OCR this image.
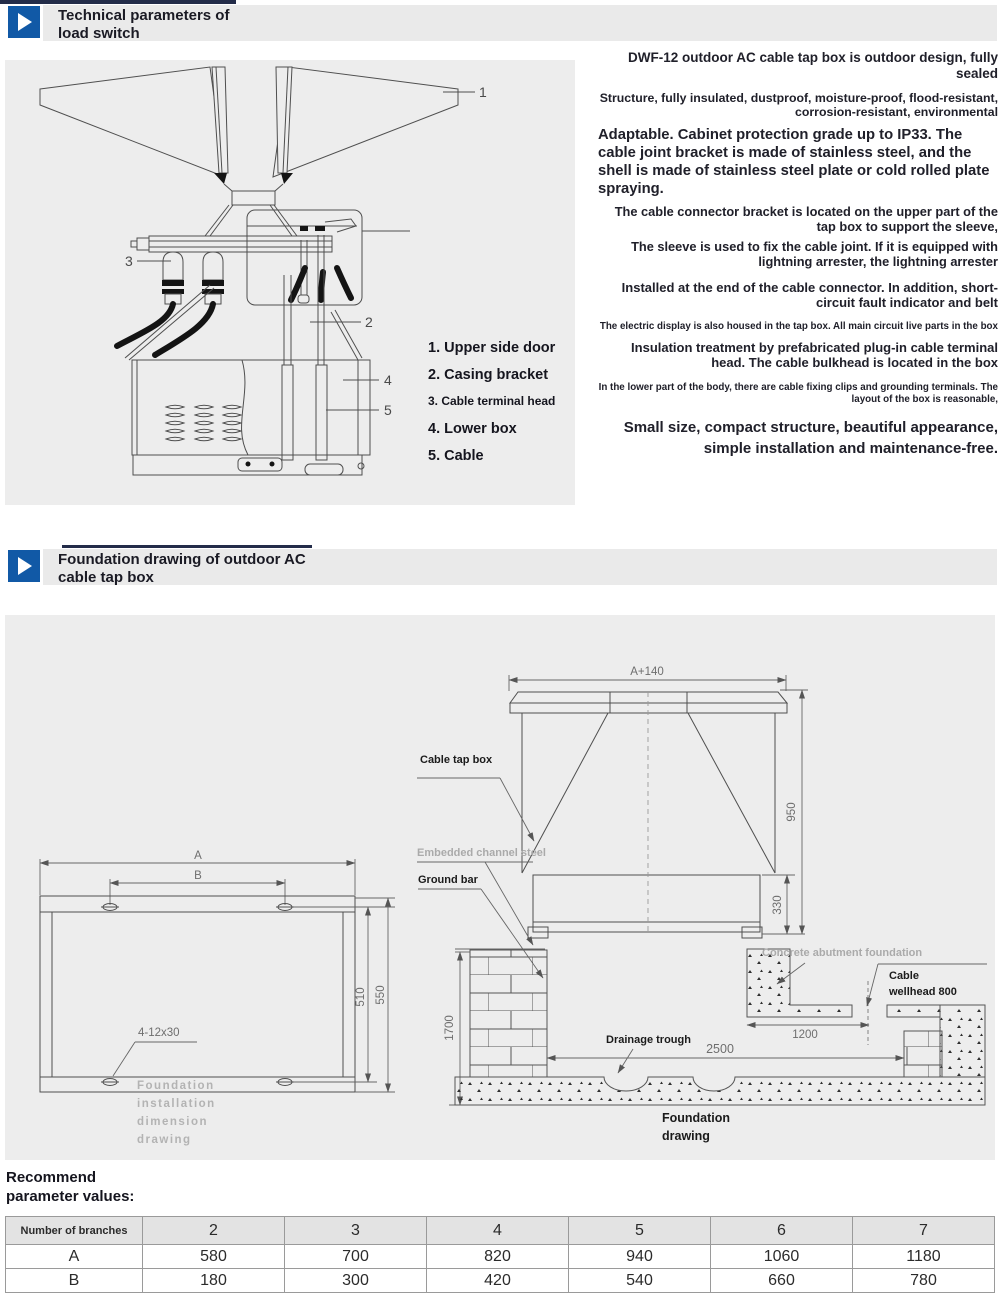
Technical parameters of
load switch
1
2
3
4
5

1. Upper side door

2. Casing bracket

3. Cable terminal head

4. Lower box

5. Cable

DWF-12 outdoor AC cable tap box is outdoor design, fully sealed

Structure, fully insulated, dustproof, moisture-proof, flood-resistant, corrosion-resistant, environmental

Adaptable. Cabinet protection grade up to IP33. The cable joint bracket is made of stainless steel, and the shell is made of stainless steel plate or cold rolled plate spraying.

The cable connector bracket is located on the upper part of the tap box to support the sleeve,

The sleeve is used to fix the cable joint. If it is equipped with lightning arrester, the lightning arrester

Installed at the end of the cable connector. In addition, short-circuit fault indicator and belt

The electric display is also housed in the tap box. All main circuit live parts in the box

Insulation treatment by prefabricated plug-in cable terminal head. The cable bulkhead is located in the box

In the lower part of the body, there are cable fixing clips and grounding terminals. The layout of the box is reasonable,

Small size, compact structure, beautiful appearance, simple installation and maintenance-free.

Foundation drawing of outdoor AC
cable tap box
A
B
510 550
4-12x30
Foundation
installation
dimension
drawing
A+140
330
950
Cable tap box
Embedded channel steel
Ground bar
1700
2500
Drainage trough	1200
Concrete abutment foundation
Cable
wellhead 800
Foundation
drawing
Recommend
parameter values:
Number of branches	2	3	4	5	6	7
A	580	700	820	940	1060	1180
B	180	300	420	540	660	780
